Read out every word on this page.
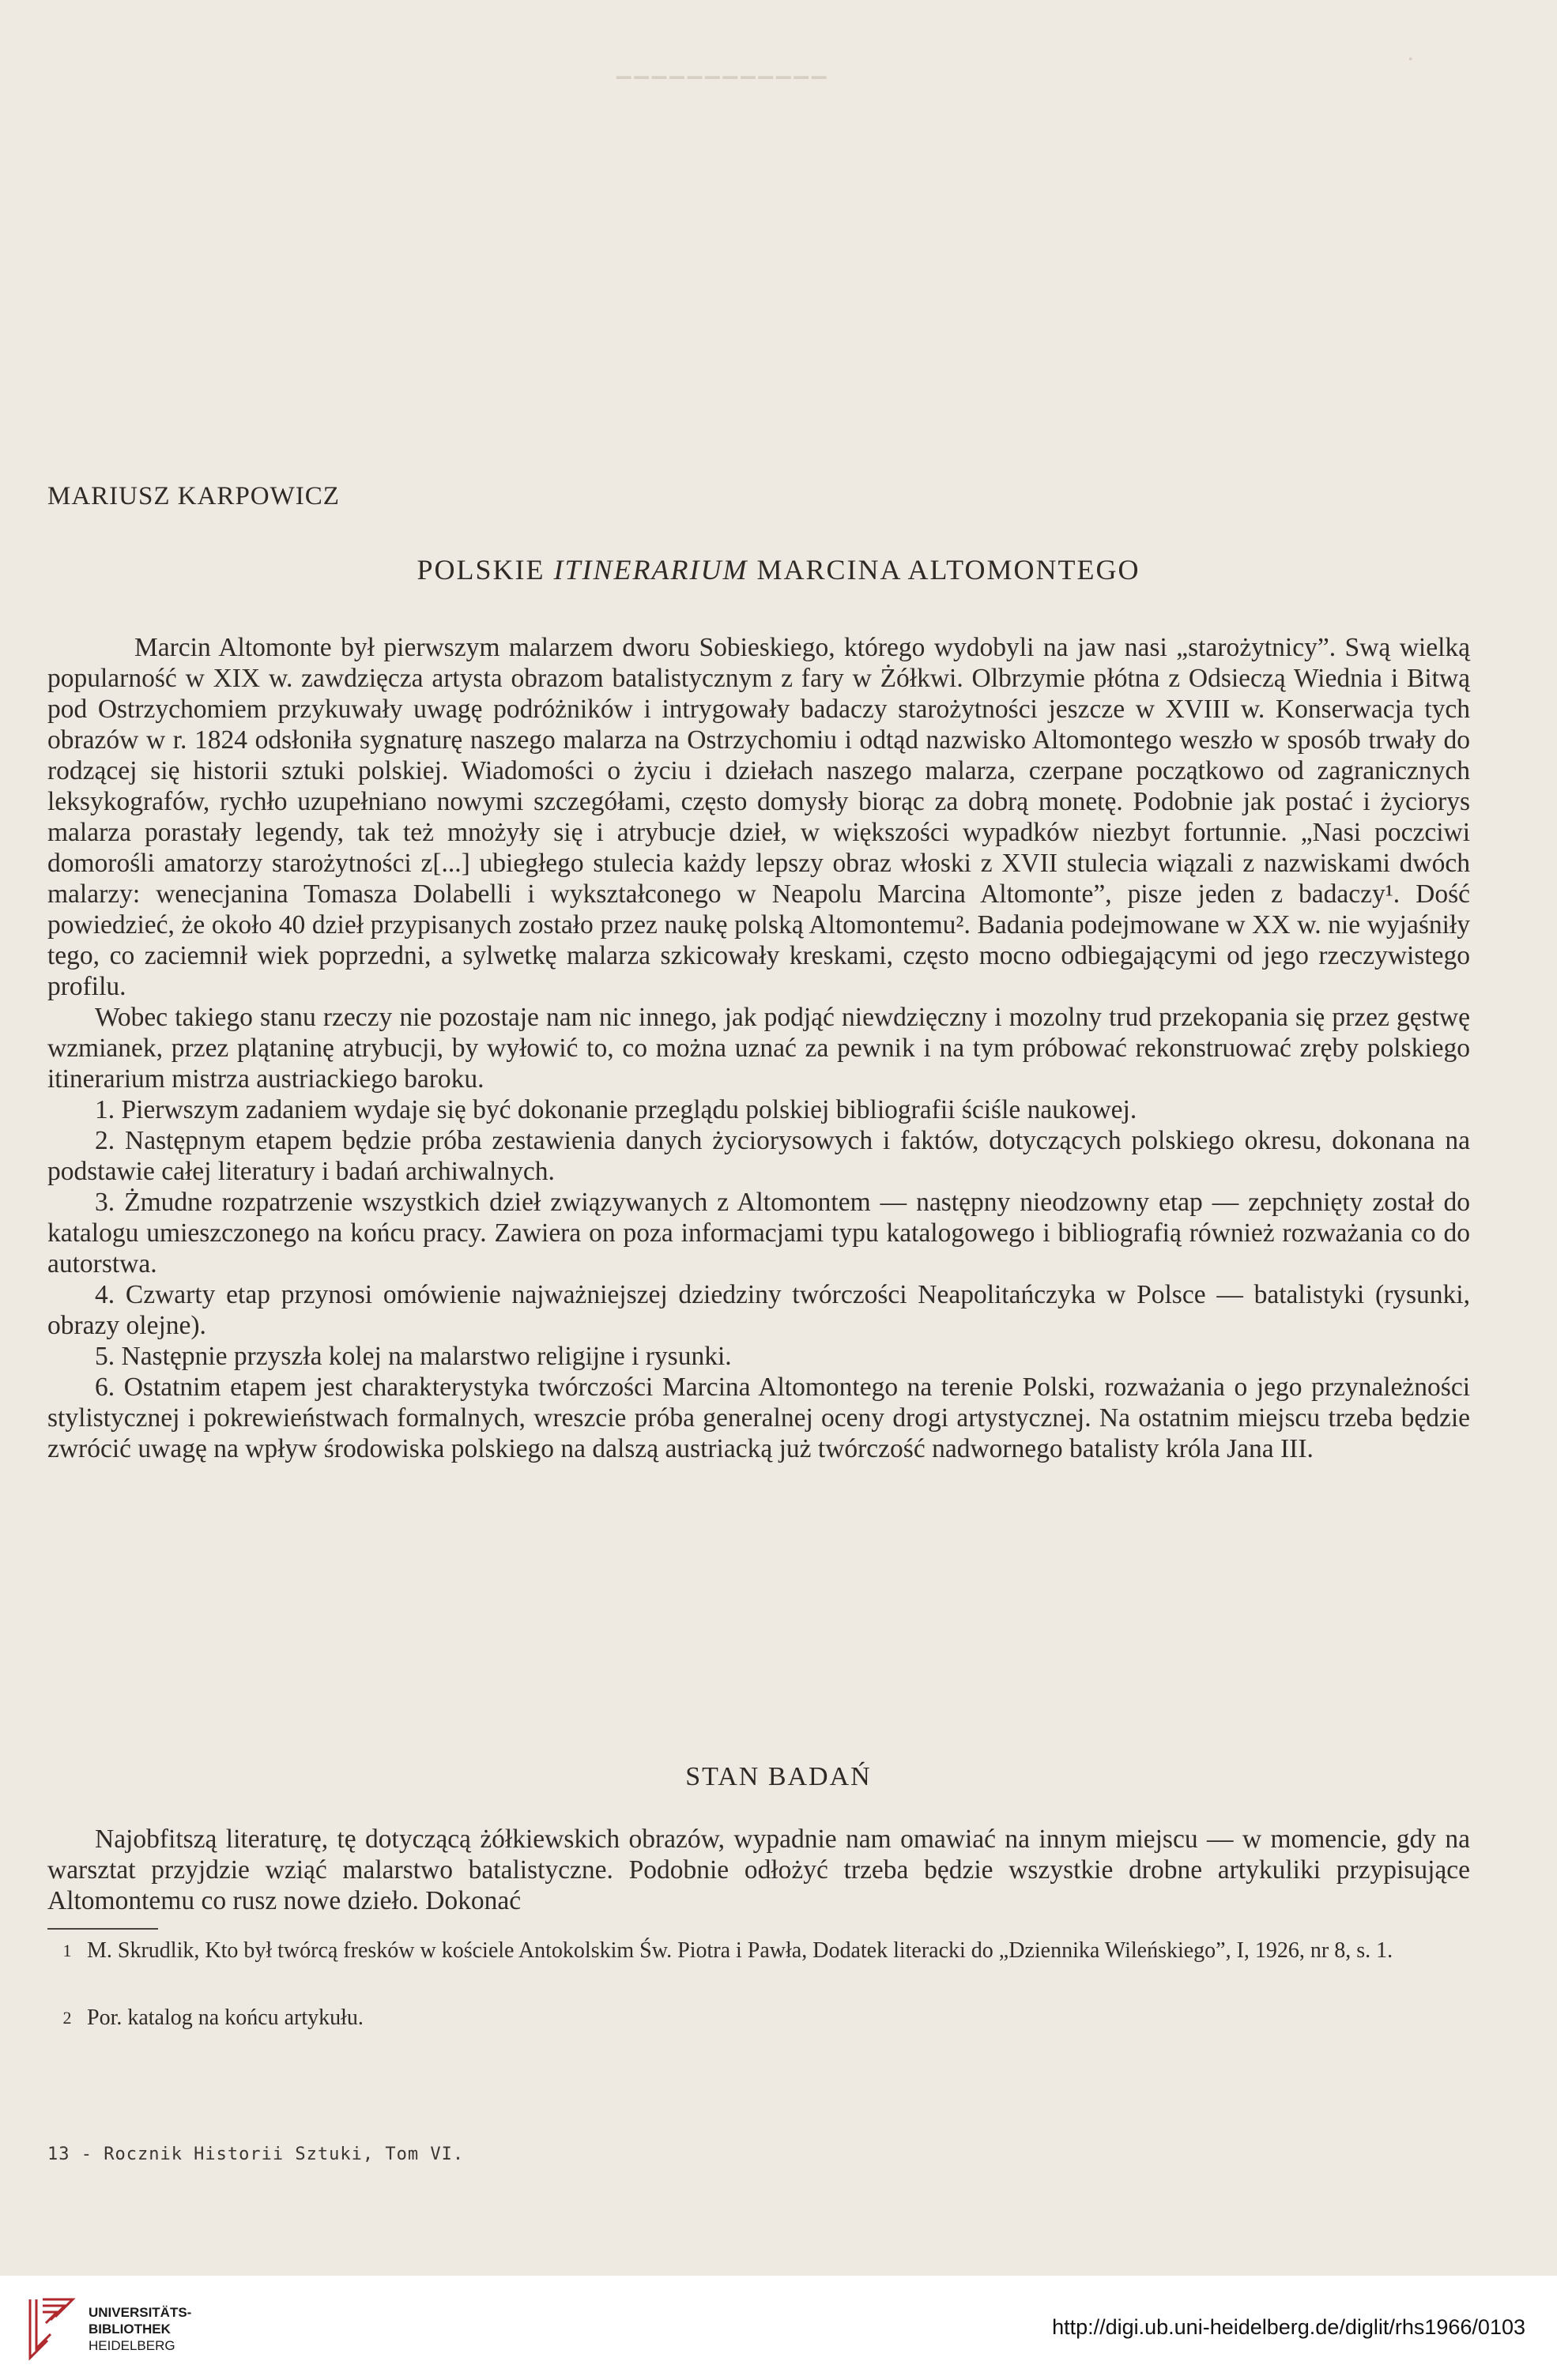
▁▁▁▁▁▁▁▁▁▁▁▁	·
MARIUSZ KARPOWICZ
POLSKIE ITINERARIUM MARCINA ALTOMONTEGO

Marcin Altomonte był pierwszym malarzem dworu Sobieskiego, którego wydobyli na jaw nasi „starożytnicy”. Swą wielką popularność w XIX w. zawdzięcza artysta obrazom batalistycznym z fary w Żółkwi. Olbrzymie płótna z Odsieczą Wiednia i Bitwą pod Ostrzychomiem przykuwały uwagę podróżników i intrygowały badaczy starożytności jeszcze w XVIII w. Konserwacja tych obrazów w r. 1824 odsłoniła sygnaturę naszego malarza na Ostrzychomiu i odtąd nazwisko Altomontego weszło w sposób trwały do rodzącej się historii sztuki polskiej. Wiadomości o życiu i dziełach naszego malarza, czerpane początkowo od zagranicznych leksykografów, rychło uzupełniano nowymi szczegółami, często domysły biorąc za dobrą monetę. Podobnie jak postać i życiorys malarza porastały legendy, tak też mnożyły się i atrybucje dzieł, w większości wypadków niezbyt fortunnie. „Nasi poczciwi domorośli amatorzy starożytności z[...] ubiegłego stulecia każdy lepszy obraz włoski z XVII stulecia wiązali z nazwiskami dwóch malarzy: wenecjanina Tomasza Dolabelli i wykształconego w Neapolu Marcina Altomonte”, pisze jeden z badaczy¹. Dość powiedzieć, że około 40 dzieł przypisanych zostało przez naukę polską Altomontemu². Badania podejmowane w XX w. nie wyjaśniły tego, co zaciemnił wiek poprzedni, a sylwetkę malarza szkicowały kreskami, często mocno odbiegającymi od jego rzeczywistego profilu.

Wobec takiego stanu rzeczy nie pozostaje nam nic innego, jak podjąć niewdzięczny i mozolny trud przekopania się przez gęstwę wzmianek, przez plątaninę atrybucji, by wyłowić to, co można uznać za pewnik i na tym próbować rekonstruować zręby polskiego itinerarium mistrza austriackiego baroku.

1. Pierwszym zadaniem wydaje się być dokonanie przeglądu polskiej bibliografii ściśle naukowej.

2. Następnym etapem będzie próba zestawienia danych życiorysowych i faktów, dotyczących polskiego okresu, dokonana na podstawie całej literatury i badań archiwalnych.

3. Żmudne rozpatrzenie wszystkich dzieł związywanych z Altomontem — następny nieodzowny etap — zepchnięty został do katalogu umieszczonego na końcu pracy. Zawiera on poza informacjami typu katalogowego i bibliografią również rozważania co do autorstwa.

4. Czwarty etap przynosi omówienie najważniejszej dziedziny twórczości Neapolitańczyka w Polsce — batalistyki (rysunki, obrazy olejne).

5. Następnie przyszła kolej na malarstwo religijne i rysunki.

6. Ostatnim etapem jest charakterystyka twórczości Marcina Altomontego na terenie Polski, rozważania o jego przynależności stylistycznej i pokrewieństwach formalnych, wreszcie próba generalnej oceny drogi artystycznej. Na ostatnim miejscu trzeba będzie zwrócić uwagę na wpływ środowiska polskiego na dalszą austriacką już twórczość nadwornego batalisty króla Jana III.

STAN BADAŃ

Najobfitszą literaturę, tę dotyczącą żółkiewskich obrazów, wypadnie nam omawiać na innym miejscu — w momencie, gdy na warsztat przyjdzie wziąć malarstwo batalistyczne. Podobnie odłożyć trzeba będzie wszystkie drobne artykuliki przypisujące Altomontemu co rusz nowe dzieło. Dokonać

1 M. Skrudlik, Kto był twórcą fresków w kościele Antokolskim Św. Piotra i Pawła, Dodatek literacki do „Dziennika Wileńskiego”, I, 1926, nr 8, s. 1.
2 Por. katalog na końcu artykułu.
13 - Rocznik Historii Sztuki, Tom VI.
UNIVERSITÄTS-
BIBLIOTHEK
HEIDELBERG
http://digi.ub.uni-heidelberg.de/diglit/rhs1966/0103
